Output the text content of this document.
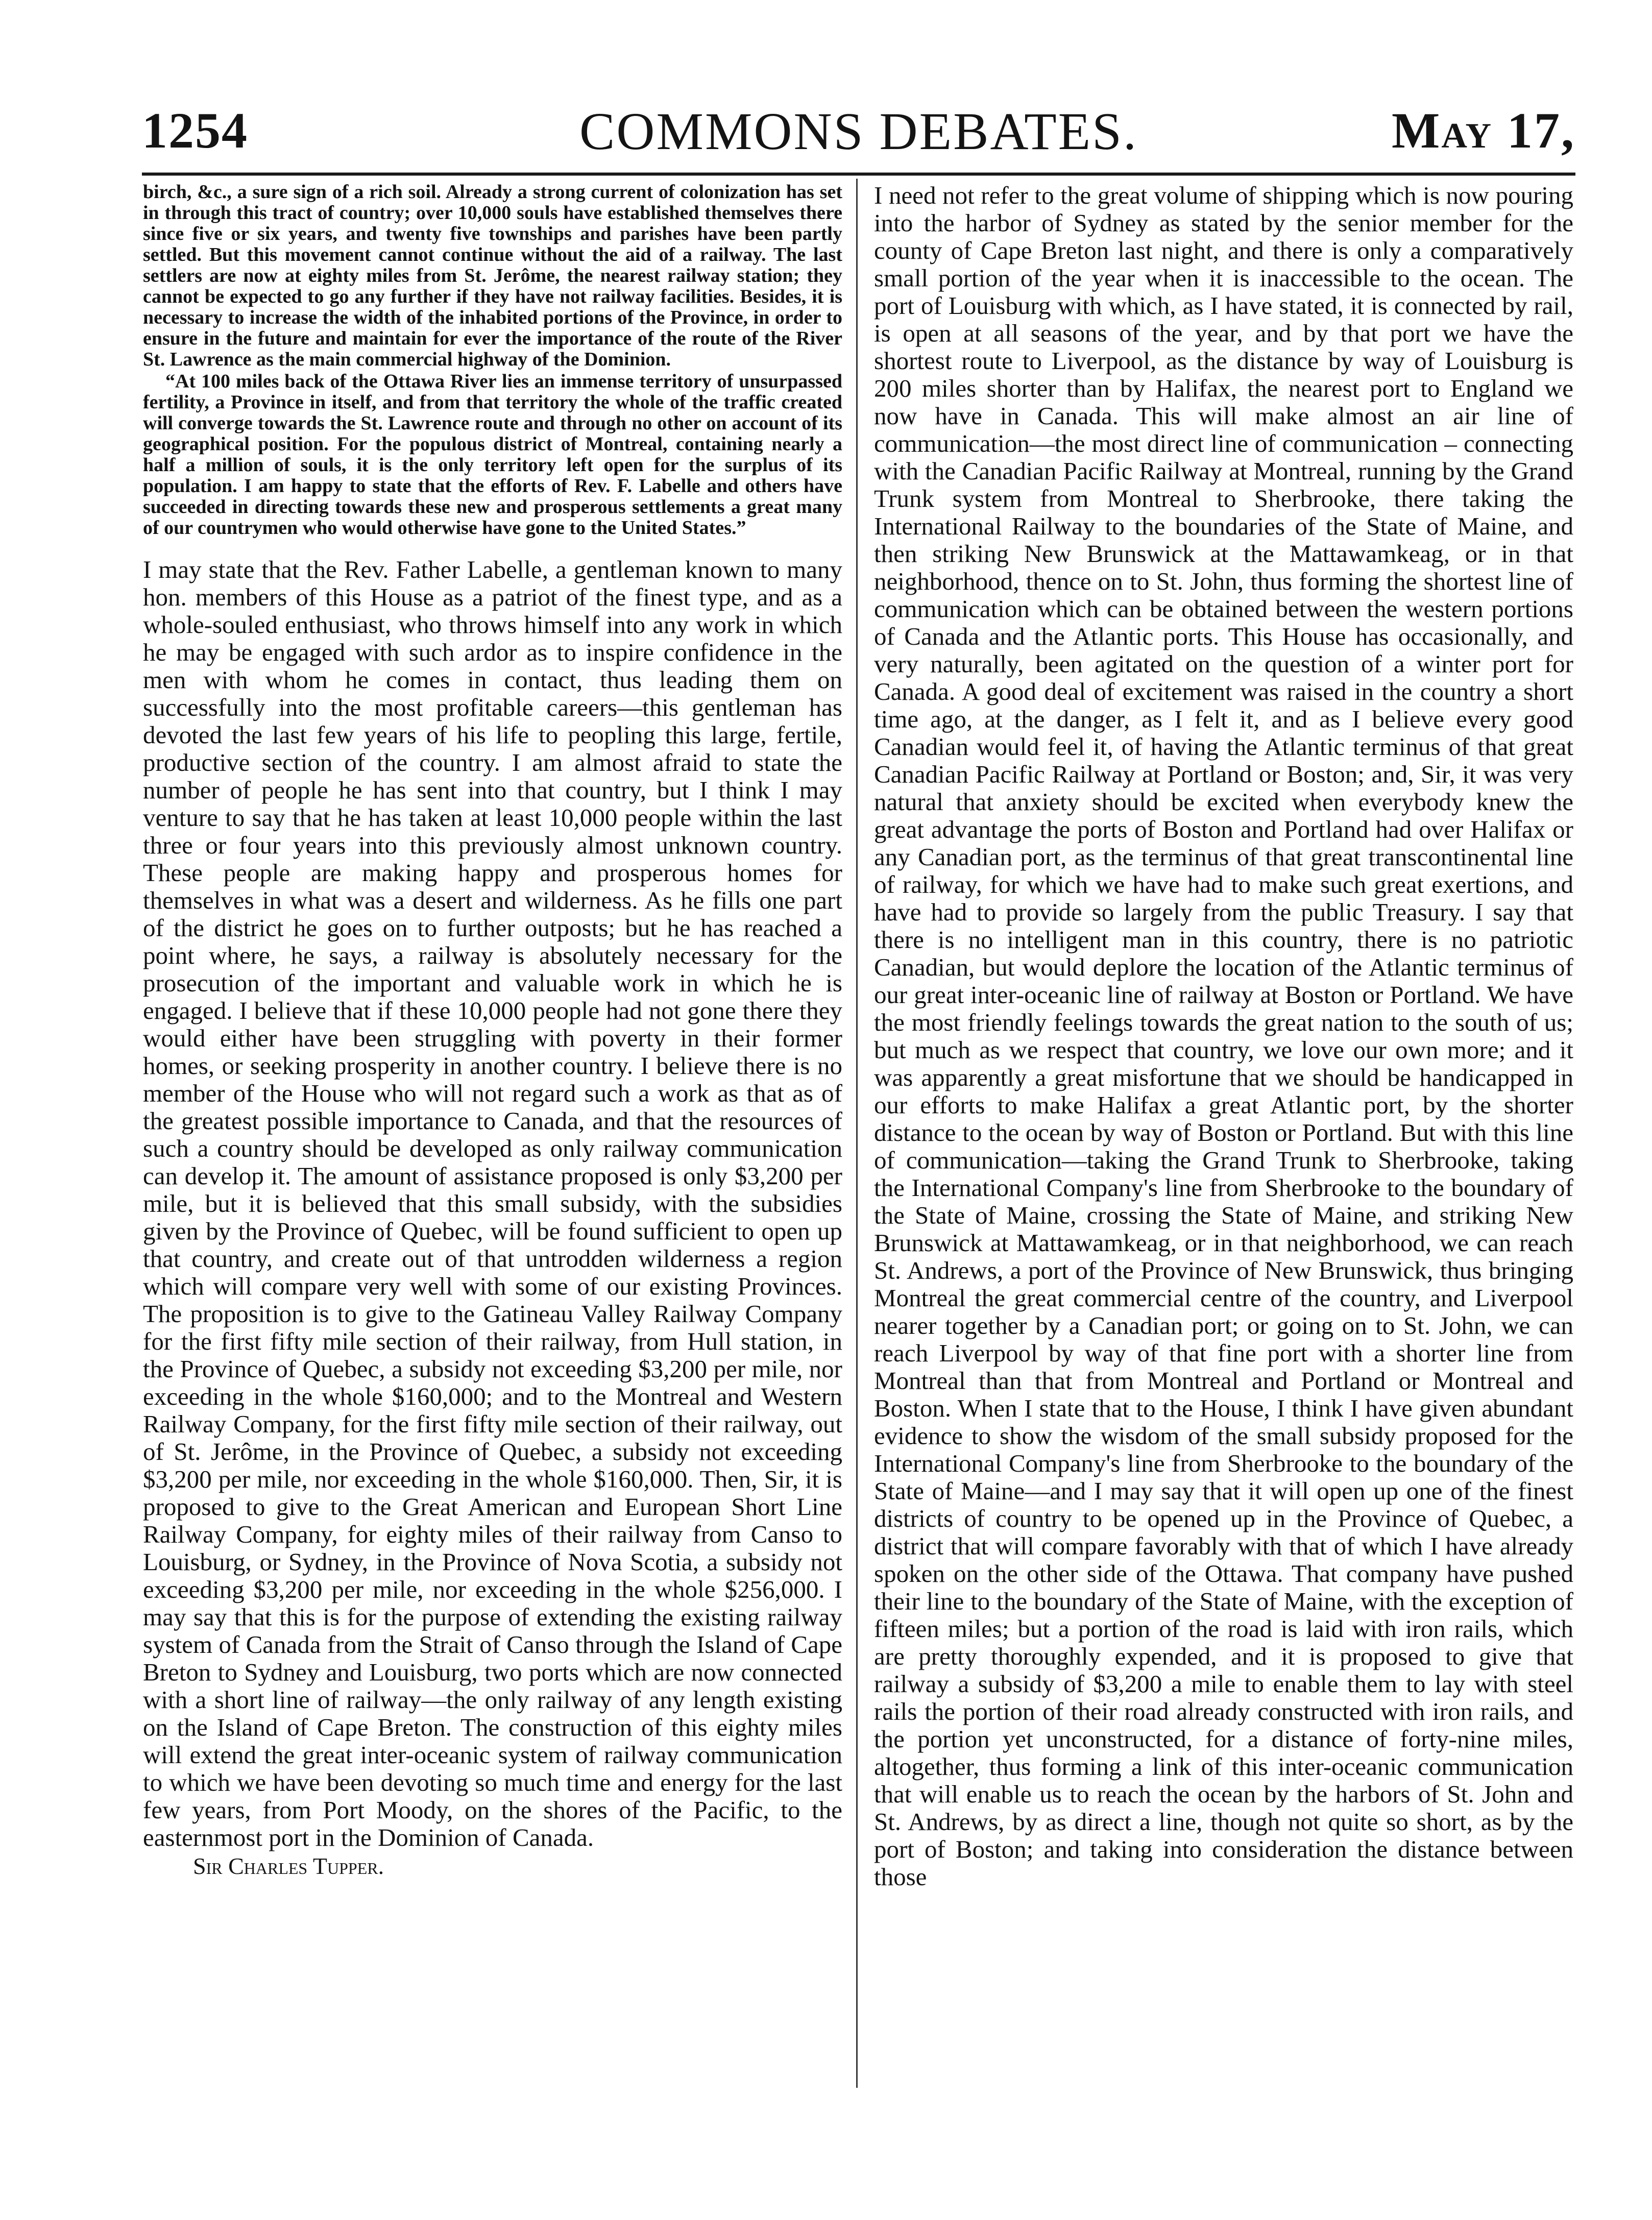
1254	COMMONS DEBATES.	May 17,

birch, &c., a sure sign of a rich soil. Already a strong current of colonization has set in through this tract of country; over 10,000 souls have established themselves there since five or six years, and twenty five townships and parishes have been partly settled. But this movement cannot continue without the aid of a railway. The last settlers are now at eighty miles from St. Jerôme, the nearest railway station; they cannot be expected to go any further if they have not railway facilities. Besides, it is necessary to increase the width of the inhabited portions of the Province, in order to ensure in the future and maintain for ever the importance of the route of the River St. Lawrence as the main commercial highway of the Dominion.

“At 100 miles back of the Ottawa River lies an immense territory of unsurpassed fertility, a Province in itself, and from that territory the whole of the traffic created will converge towards the St. Lawrence route and through no other on account of its geographical position. For the populous district of Montreal, containing nearly a half a million of souls, it is the only territory left open for the surplus of its population. I am happy to state that the efforts of Rev. F. Labelle and others have succeeded in directing towards these new and prosperous settlements a great many of our countrymen who would otherwise have gone to the United States.”

I may state that the Rev. Father Labelle, a gentleman known to many hon. members of this House as a patriot of the finest type, and as a whole-souled enthusiast, who throws himself into any work in which he may be engaged with such ardor as to inspire confidence in the men with whom he comes in contact, thus leading them on successfully into the most profitable careers—this gentleman has devoted the last few years of his life to peopling this large, fertile, productive section of the country. I am almost afraid to state the number of people he has sent into that country, but I think I may venture to say that he has taken at least 10,000 people within the last three or four years into this previously almost unknown country. These people are making happy and prosperous homes for themselves in what was a desert and wilderness. As he fills one part of the district he goes on to further outposts; but he has reached a point where, he says, a railway is absolutely necessary for the prosecution of the important and valuable work in which he is engaged. I believe that if these 10,000 people had not gone there they would either have been struggling with poverty in their former homes, or seeking prosperity in another country. I believe there is no member of the House who will not regard such a work as that as of the greatest possible importance to Canada, and that the resources of such a country should be developed as only railway communication can develop it. The amount of assistance proposed is only $3,200 per mile, but it is believed that this small subsidy, with the subsidies given by the Province of Quebec, will be found sufficient to open up that country, and create out of that untrodden wilderness a region which will compare very well with some of our existing Provinces. The proposition is to give to the Gatineau Valley Railway Company for the first fifty mile section of their railway, from Hull station, in the Province of Quebec, a subsidy not exceeding $3,200 per mile, nor exceeding in the whole $160,000; and to the Montreal and Western Railway Company, for the first fifty mile section of their railway, out of St. Jerôme, in the Province of Quebec, a subsidy not exceeding $3,200 per mile, nor exceeding in the whole $160,000. Then, Sir, it is proposed to give to the Great American and European Short Line Railway Company, for eighty miles of their railway from Canso to Louisburg, or Sydney, in the Province of Nova Scotia, a subsidy not exceeding $3,200 per mile, nor exceeding in the whole $256,000. I may say that this is for the purpose of extending the existing railway system of Canada from the Strait of Canso through the Island of Cape Breton to Sydney and Louisburg, two ports which are now connected with a short line of railway—the only railway of any length existing on the Island of Cape Breton. The construction of this eighty miles will extend the great inter-oceanic system of railway communication to which we have been devoting so much time and energy for the last few years, from Port Moody, on the shores of the Pacific, to the easternmost port in the Dominion of Canada.

Sir Charles Tupper.

I need not refer to the great volume of shipping which is now pouring into the harbor of Sydney as stated by the senior member for the county of Cape Breton last night, and there is only a comparatively small portion of the year when it is inaccessible to the ocean. The port of Louisburg with which, as I have stated, it is connected by rail, is open at all seasons of the year, and by that port we have the shortest route to Liverpool, as the distance by way of Louisburg is 200 miles shorter than by Halifax, the nearest port to England we now have in Canada. This will make almost an air line of communication—the most direct line of communication – connecting with the Canadian Pacific Railway at Montreal, running by the Grand Trunk system from Montreal to Sherbrooke, there taking the International Railway to the boundaries of the State of Maine, and then striking New Brunswick at the Mattawamkeag, or in that neighborhood, thence on to St. John, thus forming the shortest line of communication which can be obtained between the western portions of Canada and the Atlantic ports. This House has occasionally, and very naturally, been agitated on the question of a winter port for Canada. A good deal of excitement was raised in the country a short time ago, at the danger, as I felt it, and as I believe every good Canadian would feel it, of having the Atlantic terminus of that great Canadian Pacific Railway at Portland or Boston; and, Sir, it was very natural that anxiety should be excited when everybody knew the great advantage the ports of Boston and Portland had over Halifax or any Canadian port, as the terminus of that great transcontinental line of railway, for which we have had to make such great exertions, and have had to provide so largely from the public Treasury. I say that there is no intelligent man in this country, there is no patriotic Canadian, but would deplore the location of the Atlantic terminus of our great inter-oceanic line of railway at Boston or Portland. We have the most friendly feelings towards the great nation to the south of us; but much as we respect that country, we love our own more; and it was apparently a great misfortune that we should be handicapped in our efforts to make Halifax a great Atlantic port, by the shorter distance to the ocean by way of Boston or Portland. But with this line of communication—taking the Grand Trunk to Sherbrooke, taking the International Company's line from Sherbrooke to the boundary of the State of Maine, crossing the State of Maine, and striking New Brunswick at Mattawamkeag, or in that neighborhood, we can reach St. Andrews, a port of the Province of New Brunswick, thus bringing Montreal the great commercial centre of the country, and Liverpool nearer together by a Canadian port; or going on to St. John, we can reach Liverpool by way of that fine port with a shorter line from Montreal than that from Montreal and Portland or Montreal and Boston. When I state that to the House, I think I have given abundant evidence to show the wisdom of the small subsidy proposed for the International Company's line from Sherbrooke to the boundary of the State of Maine—and I may say that it will open up one of the finest districts of country to be opened up in the Province of Quebec, a district that will compare favorably with that of which I have already spoken on the other side of the Ottawa. That company have pushed their line to the boundary of the State of Maine, with the exception of fifteen miles; but a portion of the road is laid with iron rails, which are pretty thoroughly expended, and it is proposed to give that railway a subsidy of $3,200 a mile to enable them to lay with steel rails the portion of their road already constructed with iron rails, and the portion yet unconstructed, for a distance of forty-nine miles, altogether, thus forming a link of this inter-oceanic communication that will enable us to reach the ocean by the harbors of St. John and St. Andrews, by as direct a line, though not quite so short, as by the port of Boston; and taking into consideration the distance between those
